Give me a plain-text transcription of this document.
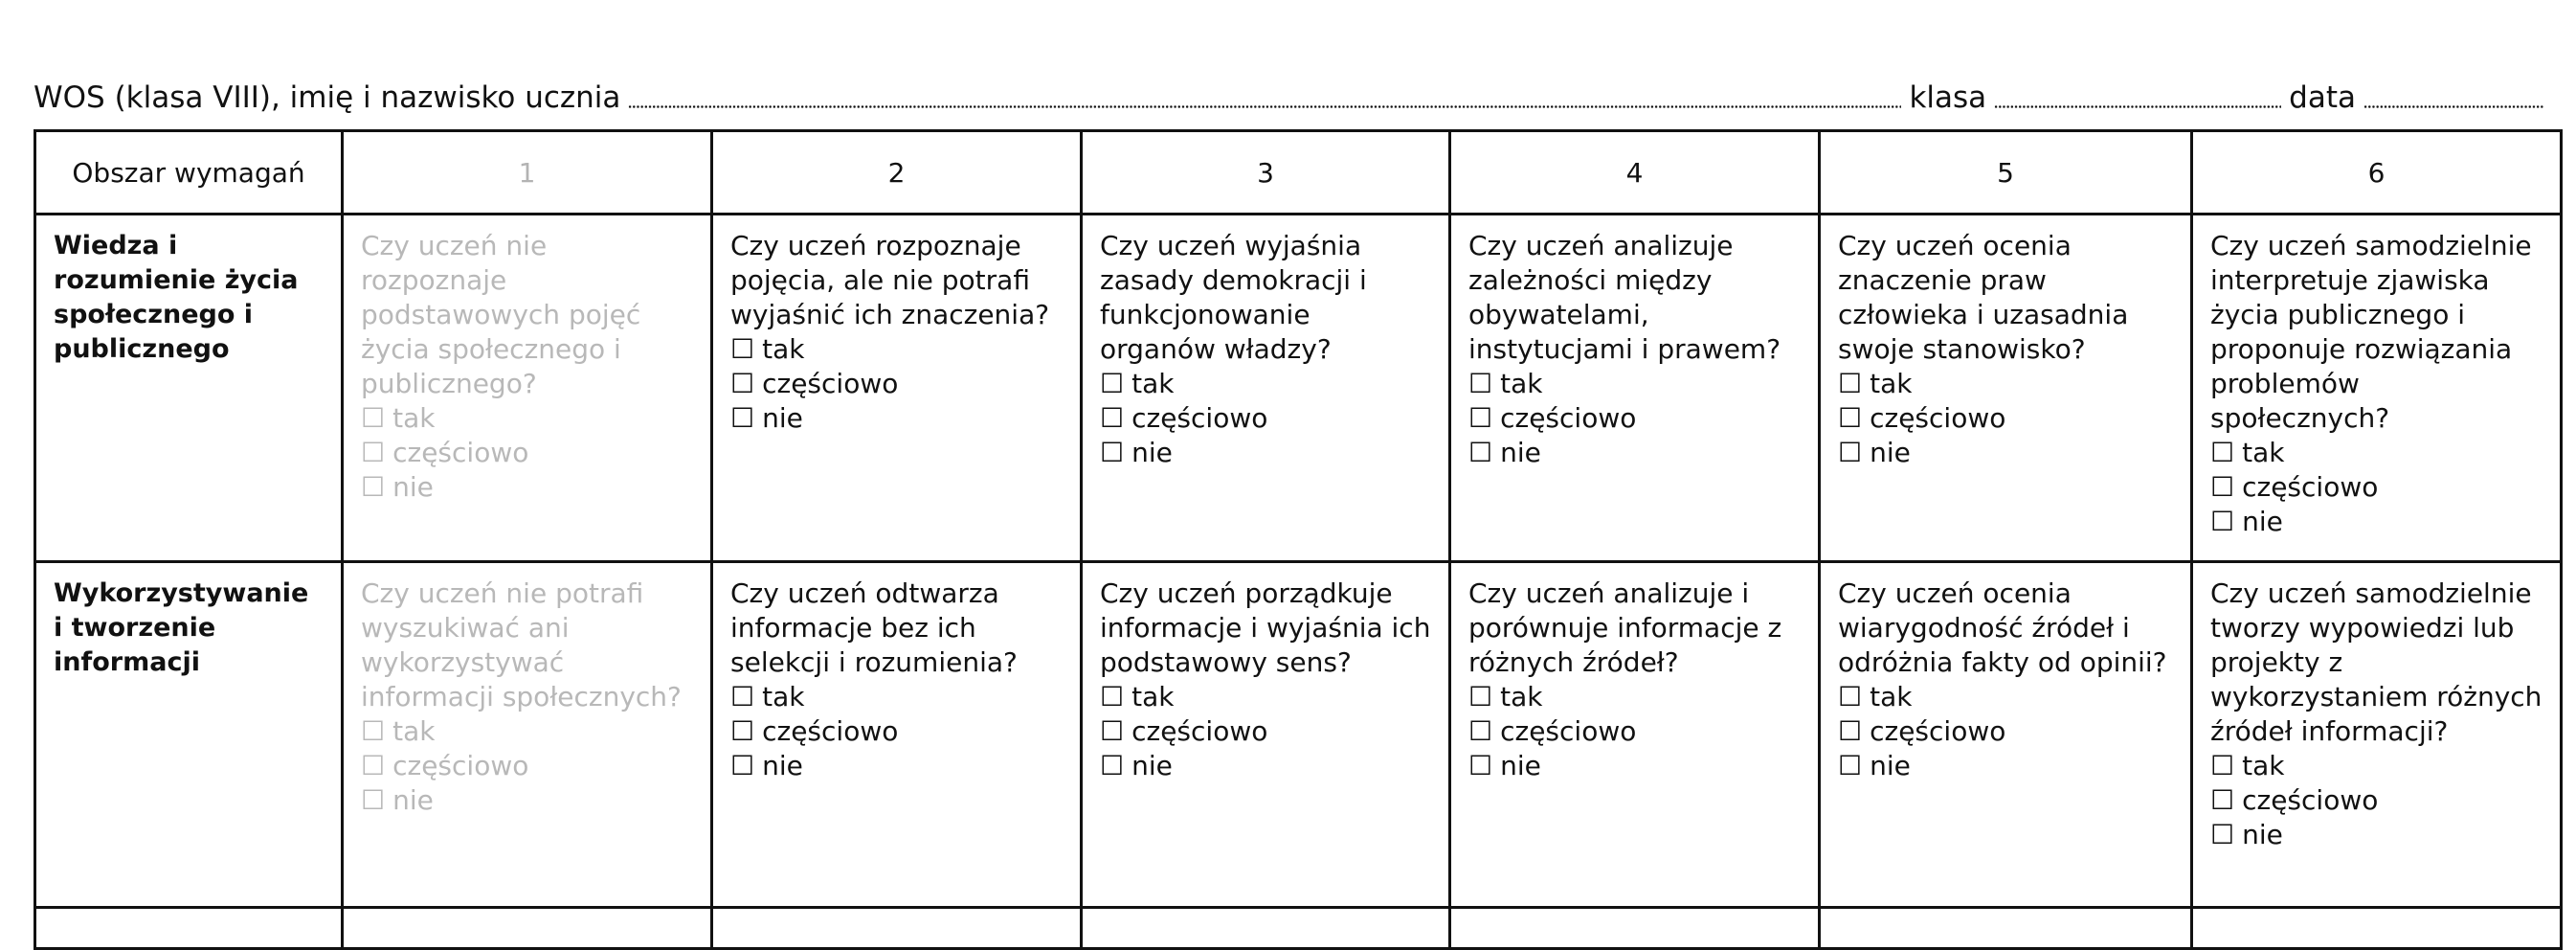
WOS (klasa VIII), imię i nazwisko ucznia	klasa	data
Obszar wymagań	1	2	3	4	5	6

Wiedza i rozumienie życia społecznego i publicznego	Czy uczeń nie rozpoznaje podstawowych pojęć życia społecznego i publicznego?
☐ tak
☐ częściowo
☐ nie	Czy uczeń rozpoznaje pojęcia, ale nie potrafi wyjaśnić ich znaczenia?
☐ tak
☐ częściowo
☐ nie	Czy uczeń wyjaśnia zasady demokracji i funkcjonowanie organów władzy?
☐ tak
☐ częściowo
☐ nie	Czy uczeń analizuje zależności między obywatelami, instytucjami i prawem?
☐ tak
☐ częściowo
☐ nie	Czy uczeń ocenia znaczenie praw człowieka i uzasadnia swoje stanowisko?
☐ tak
☐ częściowo
☐ nie	Czy uczeń samodzielnie interpretuje zjawiska życia publicznego i proponuje rozwiązania problemów społecznych?
☐ tak
☐ częściowo
☐ nie

Wykorzystywanie i tworzenie informacji	Czy uczeń nie potrafi wyszukiwać ani wykorzystywać informacji społecznych?
☐ tak
☐ częściowo
☐ nie	Czy uczeń odtwarza informacje bez ich selekcji i rozumienia?
☐ tak
☐ częściowo
☐ nie	Czy uczeń porządkuje informacje i wyjaśnia ich podstawowy sens?
☐ tak
☐ częściowo
☐ nie	Czy uczeń analizuje i porównuje informacje z różnych źródeł?
☐ tak
☐ częściowo
☐ nie	Czy uczeń ocenia wiarygodność źródeł i odróżnia fakty od opinii?
☐ tak
☐ częściowo
☐ nie	Czy uczeń samodzielnie tworzy wypowiedzi lub projekty z wykorzystaniem różnych źródeł informacji?
☐ tak
☐ częściowo
☐ nie
